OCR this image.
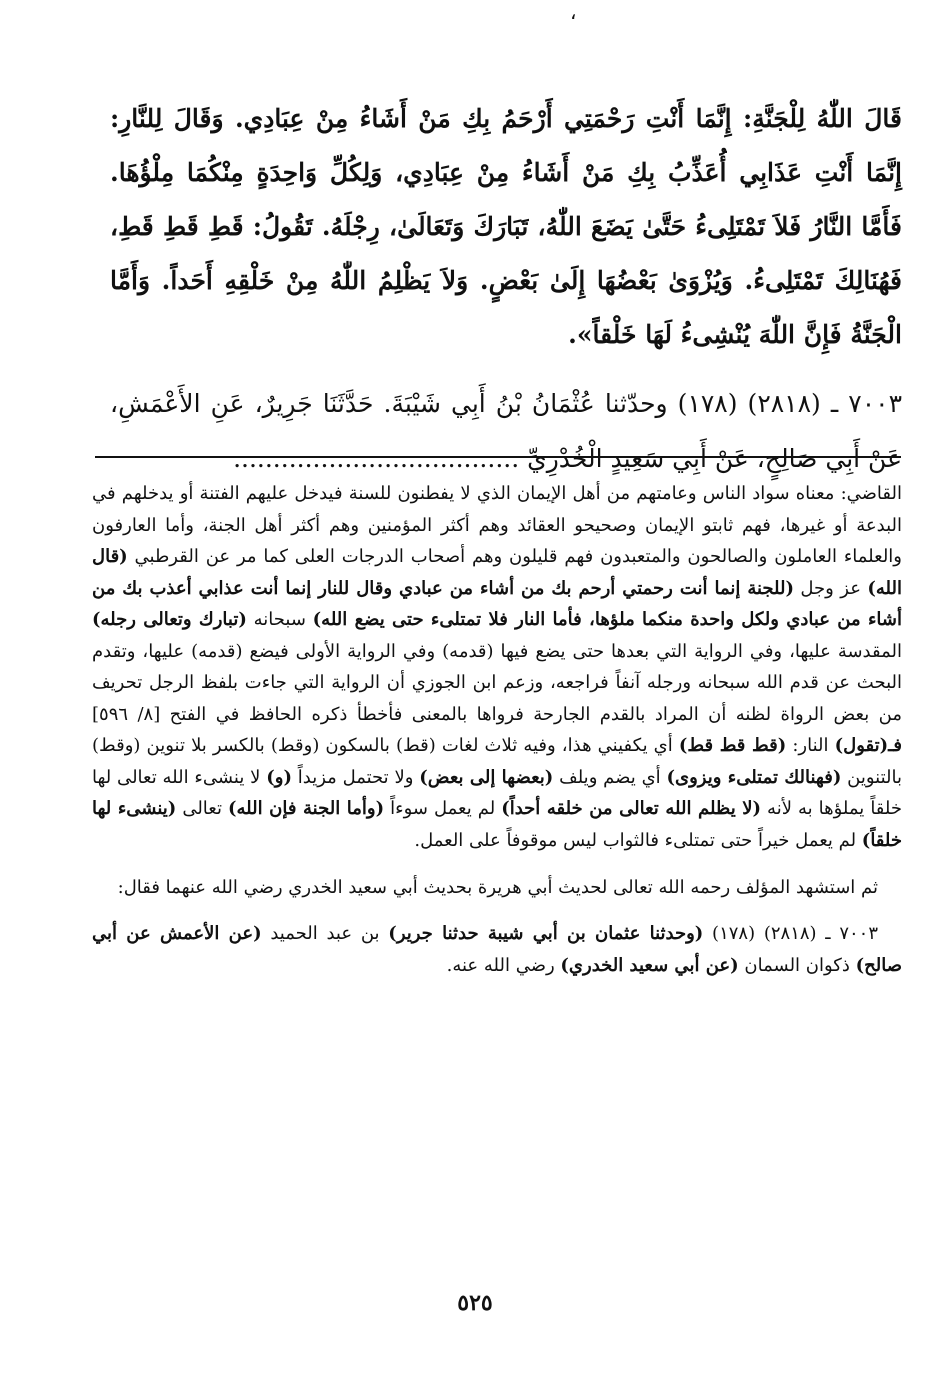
،

قَالَ اللّٰهُ لِلْجَنَّةِ: إِنَّمَا أَنْتِ رَحْمَتِي أَرْحَمُ بِكِ مَنْ أَشَاءُ مِنْ عِبَادِي. وَقَالَ لِلنَّارِ: إِنَّمَا أَنْتِ عَذَابِي أُعَذِّبُ بِكِ مَنْ أَشَاءُ مِنْ عِبَادِي، وَلِكُلِّ وَاحِدَةٍ مِنْكُمَا مِلْؤُهَا. فَأَمَّا النَّارُ فَلاَ تَمْتَلِىءُ حَتَّىٰ يَضَعَ اللّٰهُ، تَبَارَكَ وَتَعَالَىٰ، رِجْلَهُ. تَقُولُ: قَطِ قَطِ قَطِ، فَهُنَالِكَ تَمْتَلِىءُ. وَيُزْوَىٰ بَعْضُهَا إِلَىٰ بَعْضٍ. وَلاَ يَظْلِمُ اللّٰهُ مِنْ خَلْقِهِ أَحَداً. وَأَمَّا الْجَنَّةُ فَإِنَّ اللّٰهَ يُنْشِىءُ لَهَا خَلْقاً».

٧٠٠٣ ـ (٢٨١٨) (١٧٨) وحدّثنا عُثْمَانُ بْنُ أَبِي شَيْبَةَ. حَدَّثَنَا جَرِيرٌ، عَنِ الأَعْمَشِ، عَنْ أَبِي صَالِحٍ، عَنْ أَبِي سَعِيدٍ الْخُدْرِيِّ ....................................

القاضي: معناه سواد الناس وعامتهم من أهل الإيمان الذي لا يفطنون للسنة فيدخل عليهم الفتنة أو يدخلهم في البدعة أو غيرها، فهم ثابتو الإيمان وصحيحو العقائد وهم أكثر المؤمنين وهم أكثر أهل الجنة، وأما العارفون والعلماء العاملون والصالحون والمتعبدون فهم قليلون وهم أصحاب الدرجات العلى كما مر عن القرطبي (قال الله) عز وجل (للجنة إنما أنت رحمتي أرحم بك من أشاء من عبادي وقال للنار إنما أنت عذابي أعذب بك من أشاء من عبادي ولكل واحدة منكما ملؤها، فأما النار فلا تمتلىء حتى يضع الله) سبحانه (تبارك وتعالى رجله) المقدسة عليها، وفي الرواية التي بعدها حتى يضع فيها (قدمه) وفي الرواية الأولى فيضع (قدمه) عليها، وتقدم البحث عن قدم الله سبحانه ورجله آنفاً فراجعه، وزعم ابن الجوزي أن الرواية التي جاءت بلفظ الرجل تحريف من بعض الرواة لظنه أن المراد بالقدم الجارحة فرواها بالمعنى فأخطأ ذكره الحافظ في الفتح [٨/ ٥٩٦] فـ(تقول) النار: (قط قط قط) أي يكفيني هذا، وفيه ثلاث لغات (قط) بالسكون (وقط) بالكسر بلا تنوين (وقط) بالتنوين (فهنالك تمتلىء ويزوى) أي يضم ويلف (بعضها إلى بعض) ولا تحتمل مزيداً (و) لا ينشىء الله تعالى لها خلقاً يملؤها به لأنه (لا يظلم الله تعالى من خلقه أحداً) لم يعمل سوءاً (وأما الجنة فإن الله) تعالى (ينشىء لها خلقاً) لم يعمل خيراً حتى تمتلىء فالثواب ليس موقوفاً على العمل.

ثم استشهد المؤلف رحمه الله تعالى لحديث أبي هريرة بحديث أبي سعيد الخدري رضي الله عنهما فقال:

٧٠٠٣ ـ (٢٨١٨) (١٧٨) (وحدثنا عثمان بن أبي شيبة حدثنا جرير) بن عبد الحميد (عن الأعمش عن أبي صالح) ذكوان السمان (عن أبي سعيد الخدري) رضي الله عنه.

٥٢٥
